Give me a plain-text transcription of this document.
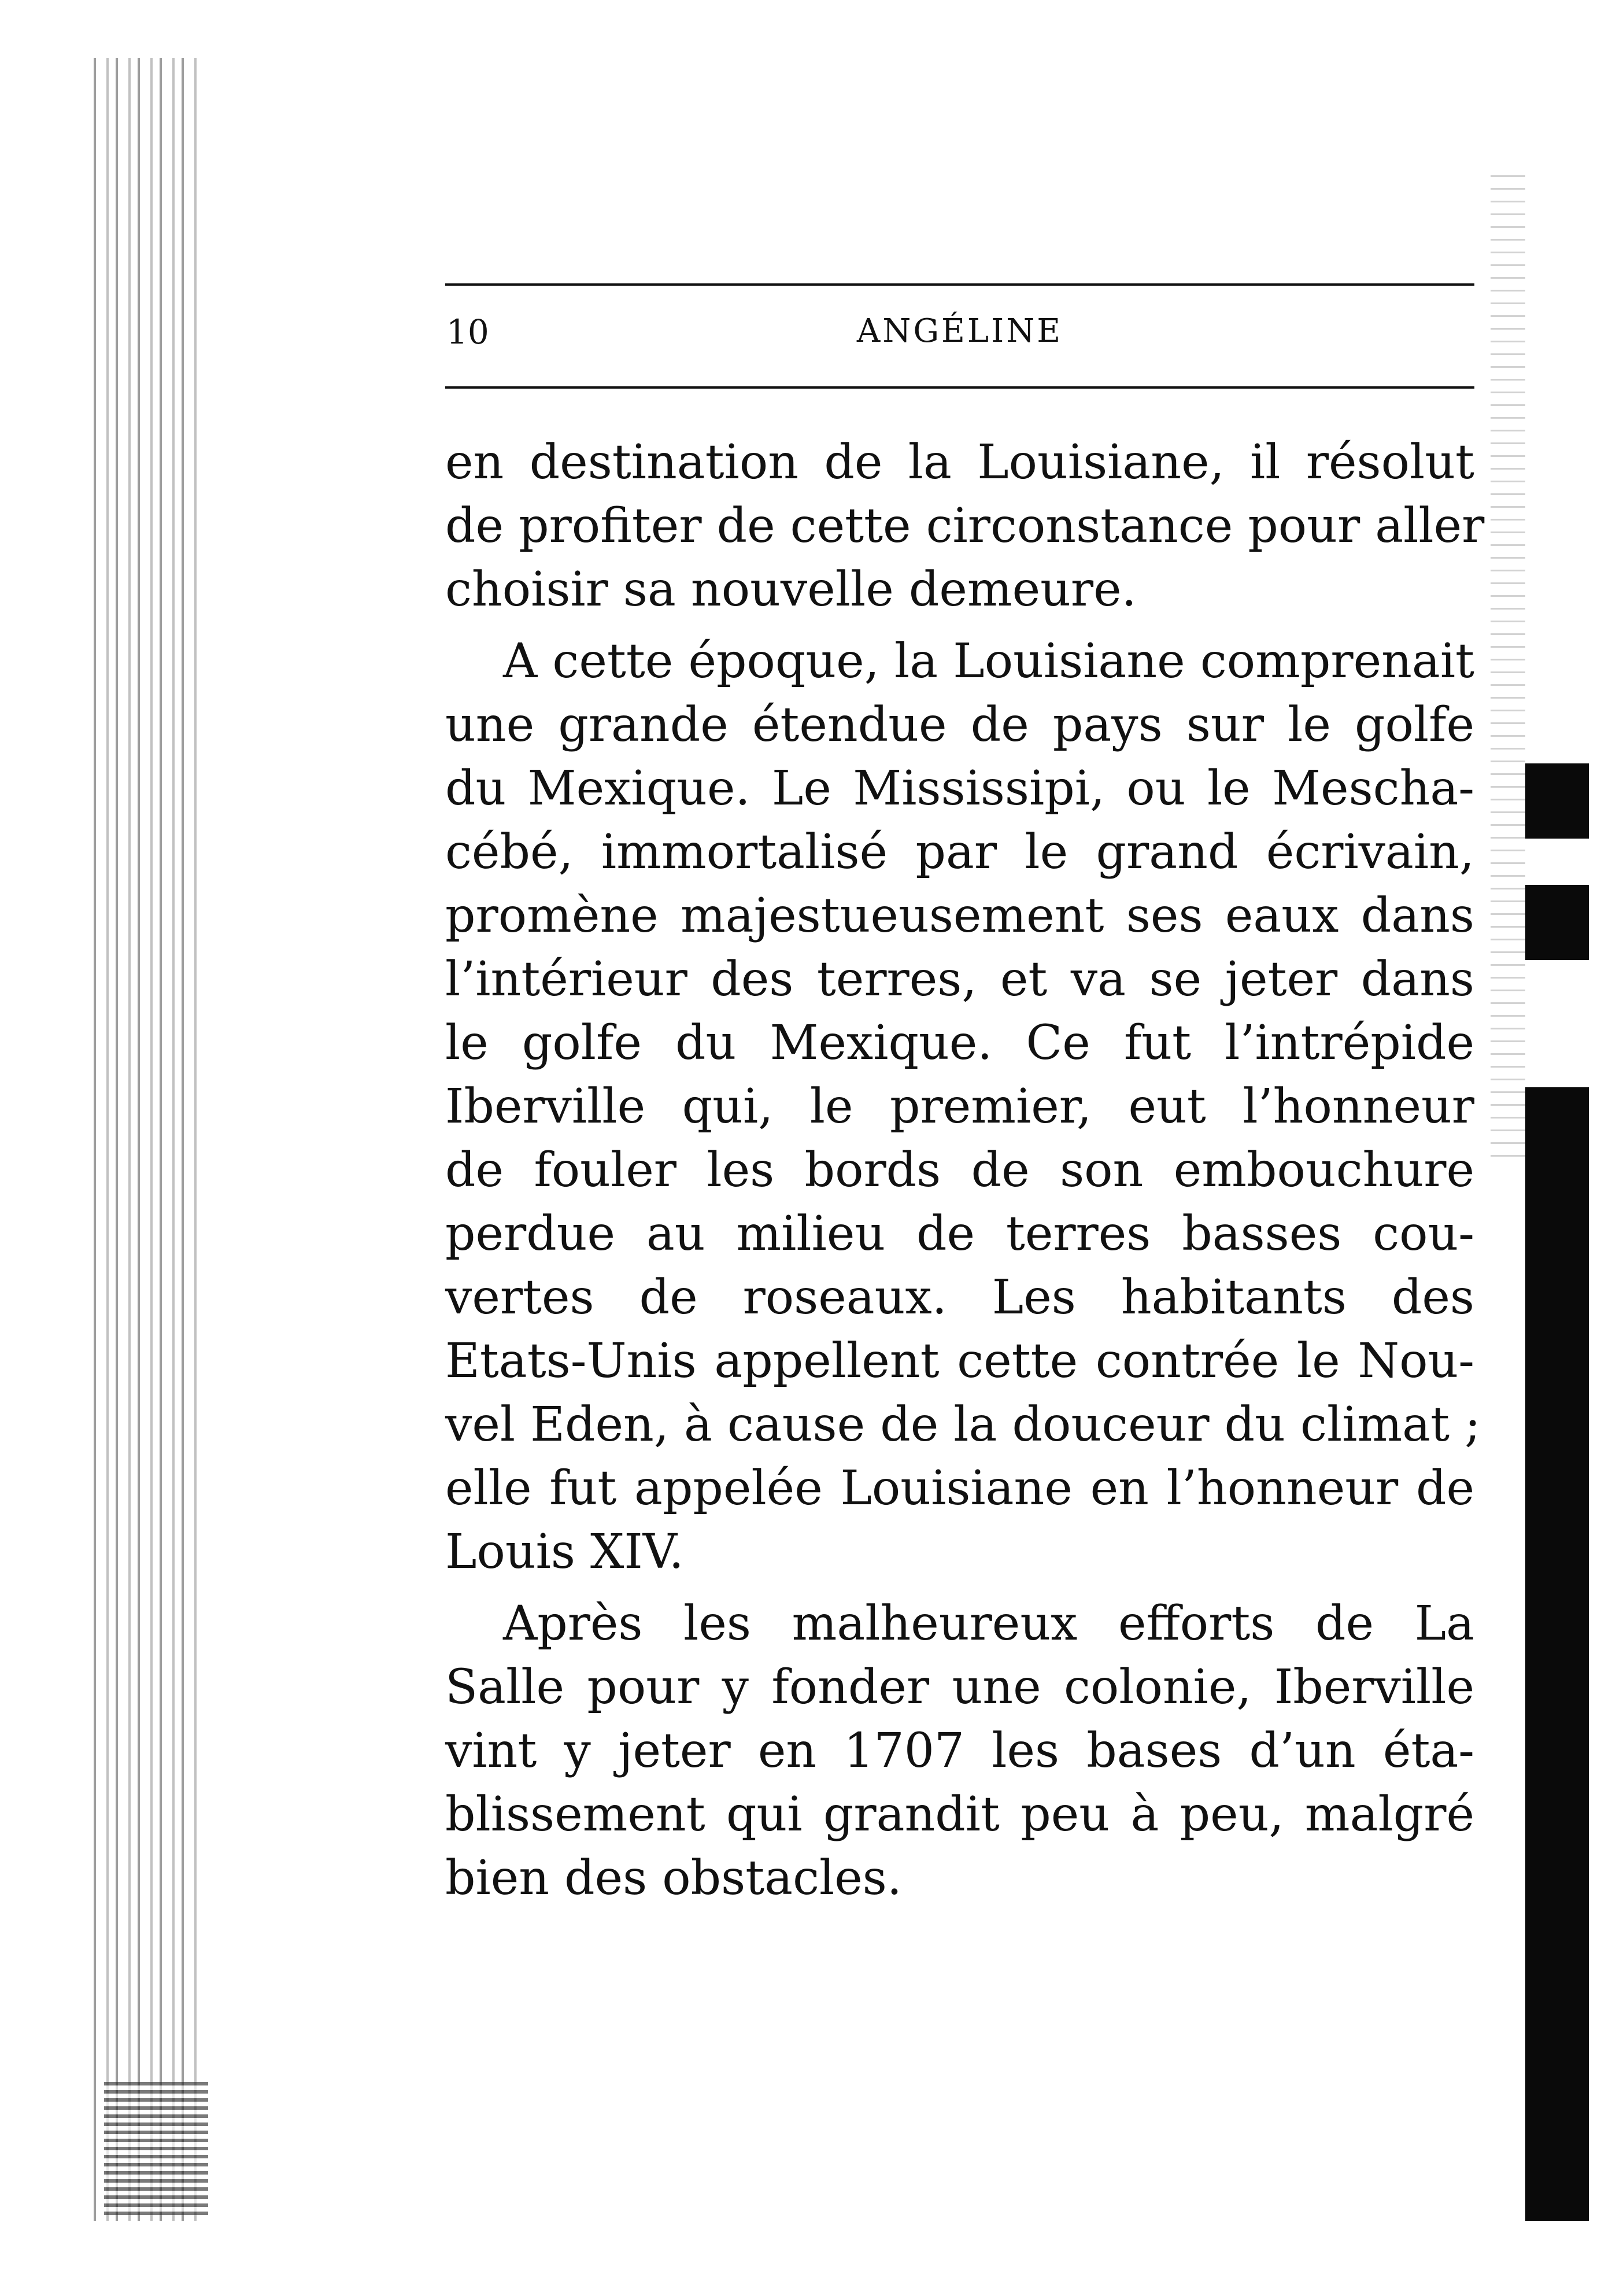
10	ANGÉLINE
en destination de la Louisiane, il résolut
de profiter de cette circonstance pour aller
choisir sa nouvelle demeure.
A cette époque, la Louisiane comprenait
une grande étendue de pays sur le golfe
du Mexique. Le Mississipi, ou le Mescha-
cébé, immortalisé par le grand écrivain,
promène majestueusement ses eaux dans
l’intérieur des terres, et va se jeter dans
le golfe du Mexique. Ce fut l’intrépide
Iberville qui, le premier, eut l’honneur
de fouler les bords de son embouchure
perdue au milieu de terres basses cou-
vertes de roseaux. Les habitants des
Etats-Unis appellent cette contrée le Nou-
vel Eden, à cause de la douceur du climat ;
elle fut appelée Louisiane en l’honneur de
Louis XIV.
Après les malheureux efforts de La
Salle pour y fonder une colonie, Iberville
vint y jeter en 1707 les bases d’un éta-
blissement qui grandit peu à peu, malgré
bien des obstacles.
